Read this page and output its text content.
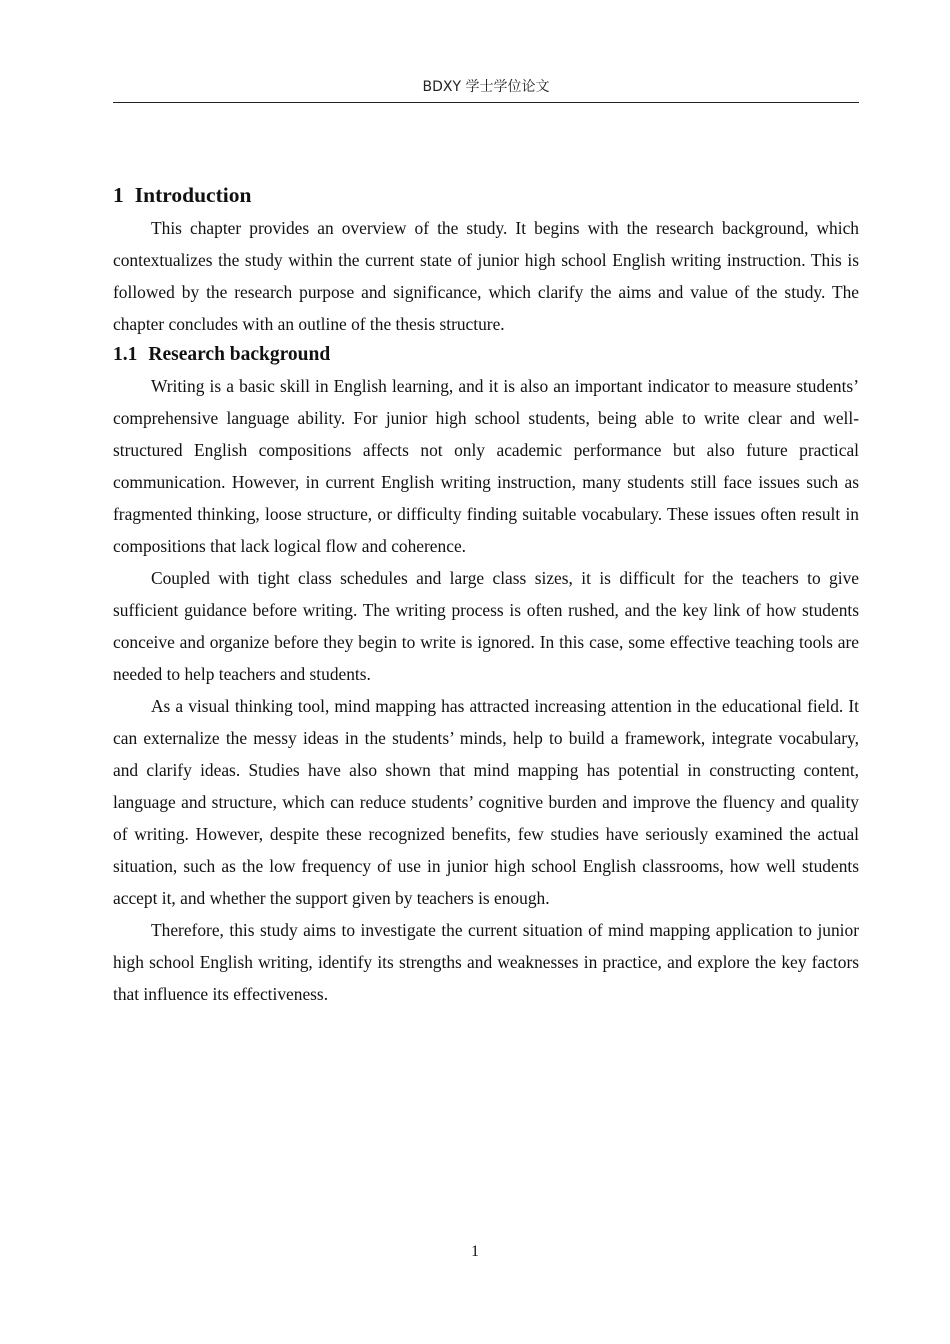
BDXY 学士学位论文
1 Introduction

This chapter provides an overview of the study. It begins with the research background, which contextualizes the study within the current state of junior high school English writing instruction. This is followed by the research purpose and significance, which clarify the aims and value of the study. The chapter concludes with an outline of the thesis structure.

1.1 Research background

Writing is a basic skill in English learning, and it is also an important indicator to measure students’ comprehensive language ability. For junior high school students, being able to write clear and well-structured English compositions affects not only academic performance but also future practical communication. However, in current English writing instruction, many students still face issues such as fragmented thinking, loose structure, or difficulty finding suitable vocabulary. These issues often result in compositions that lack logical flow and coherence.

Coupled with tight class schedules and large class sizes, it is difficult for the teachers to give sufficient guidance before writing. The writing process is often rushed, and the key link of how students conceive and organize before they begin to write is ignored. In this case, some effective teaching tools are needed to help teachers and students.

As a visual thinking tool, mind mapping has attracted increasing attention in the educational field. It can externalize the messy ideas in the students’ minds, help to build a framework, integrate vocabulary, and clarify ideas. Studies have also shown that mind mapping has potential in constructing content, language and structure, which can reduce students’ cognitive burden and improve the fluency and quality of writing. However, despite these recognized benefits, few studies have seriously examined the actual situation, such as the low frequency of use in junior high school English classrooms, how well students accept it, and whether the support given by teachers is enough.

Therefore, this study aims to investigate the current situation of mind mapping application to junior high school English writing, identify its strengths and weaknesses in practice, and explore the key factors that influence its effectiveness.

1
